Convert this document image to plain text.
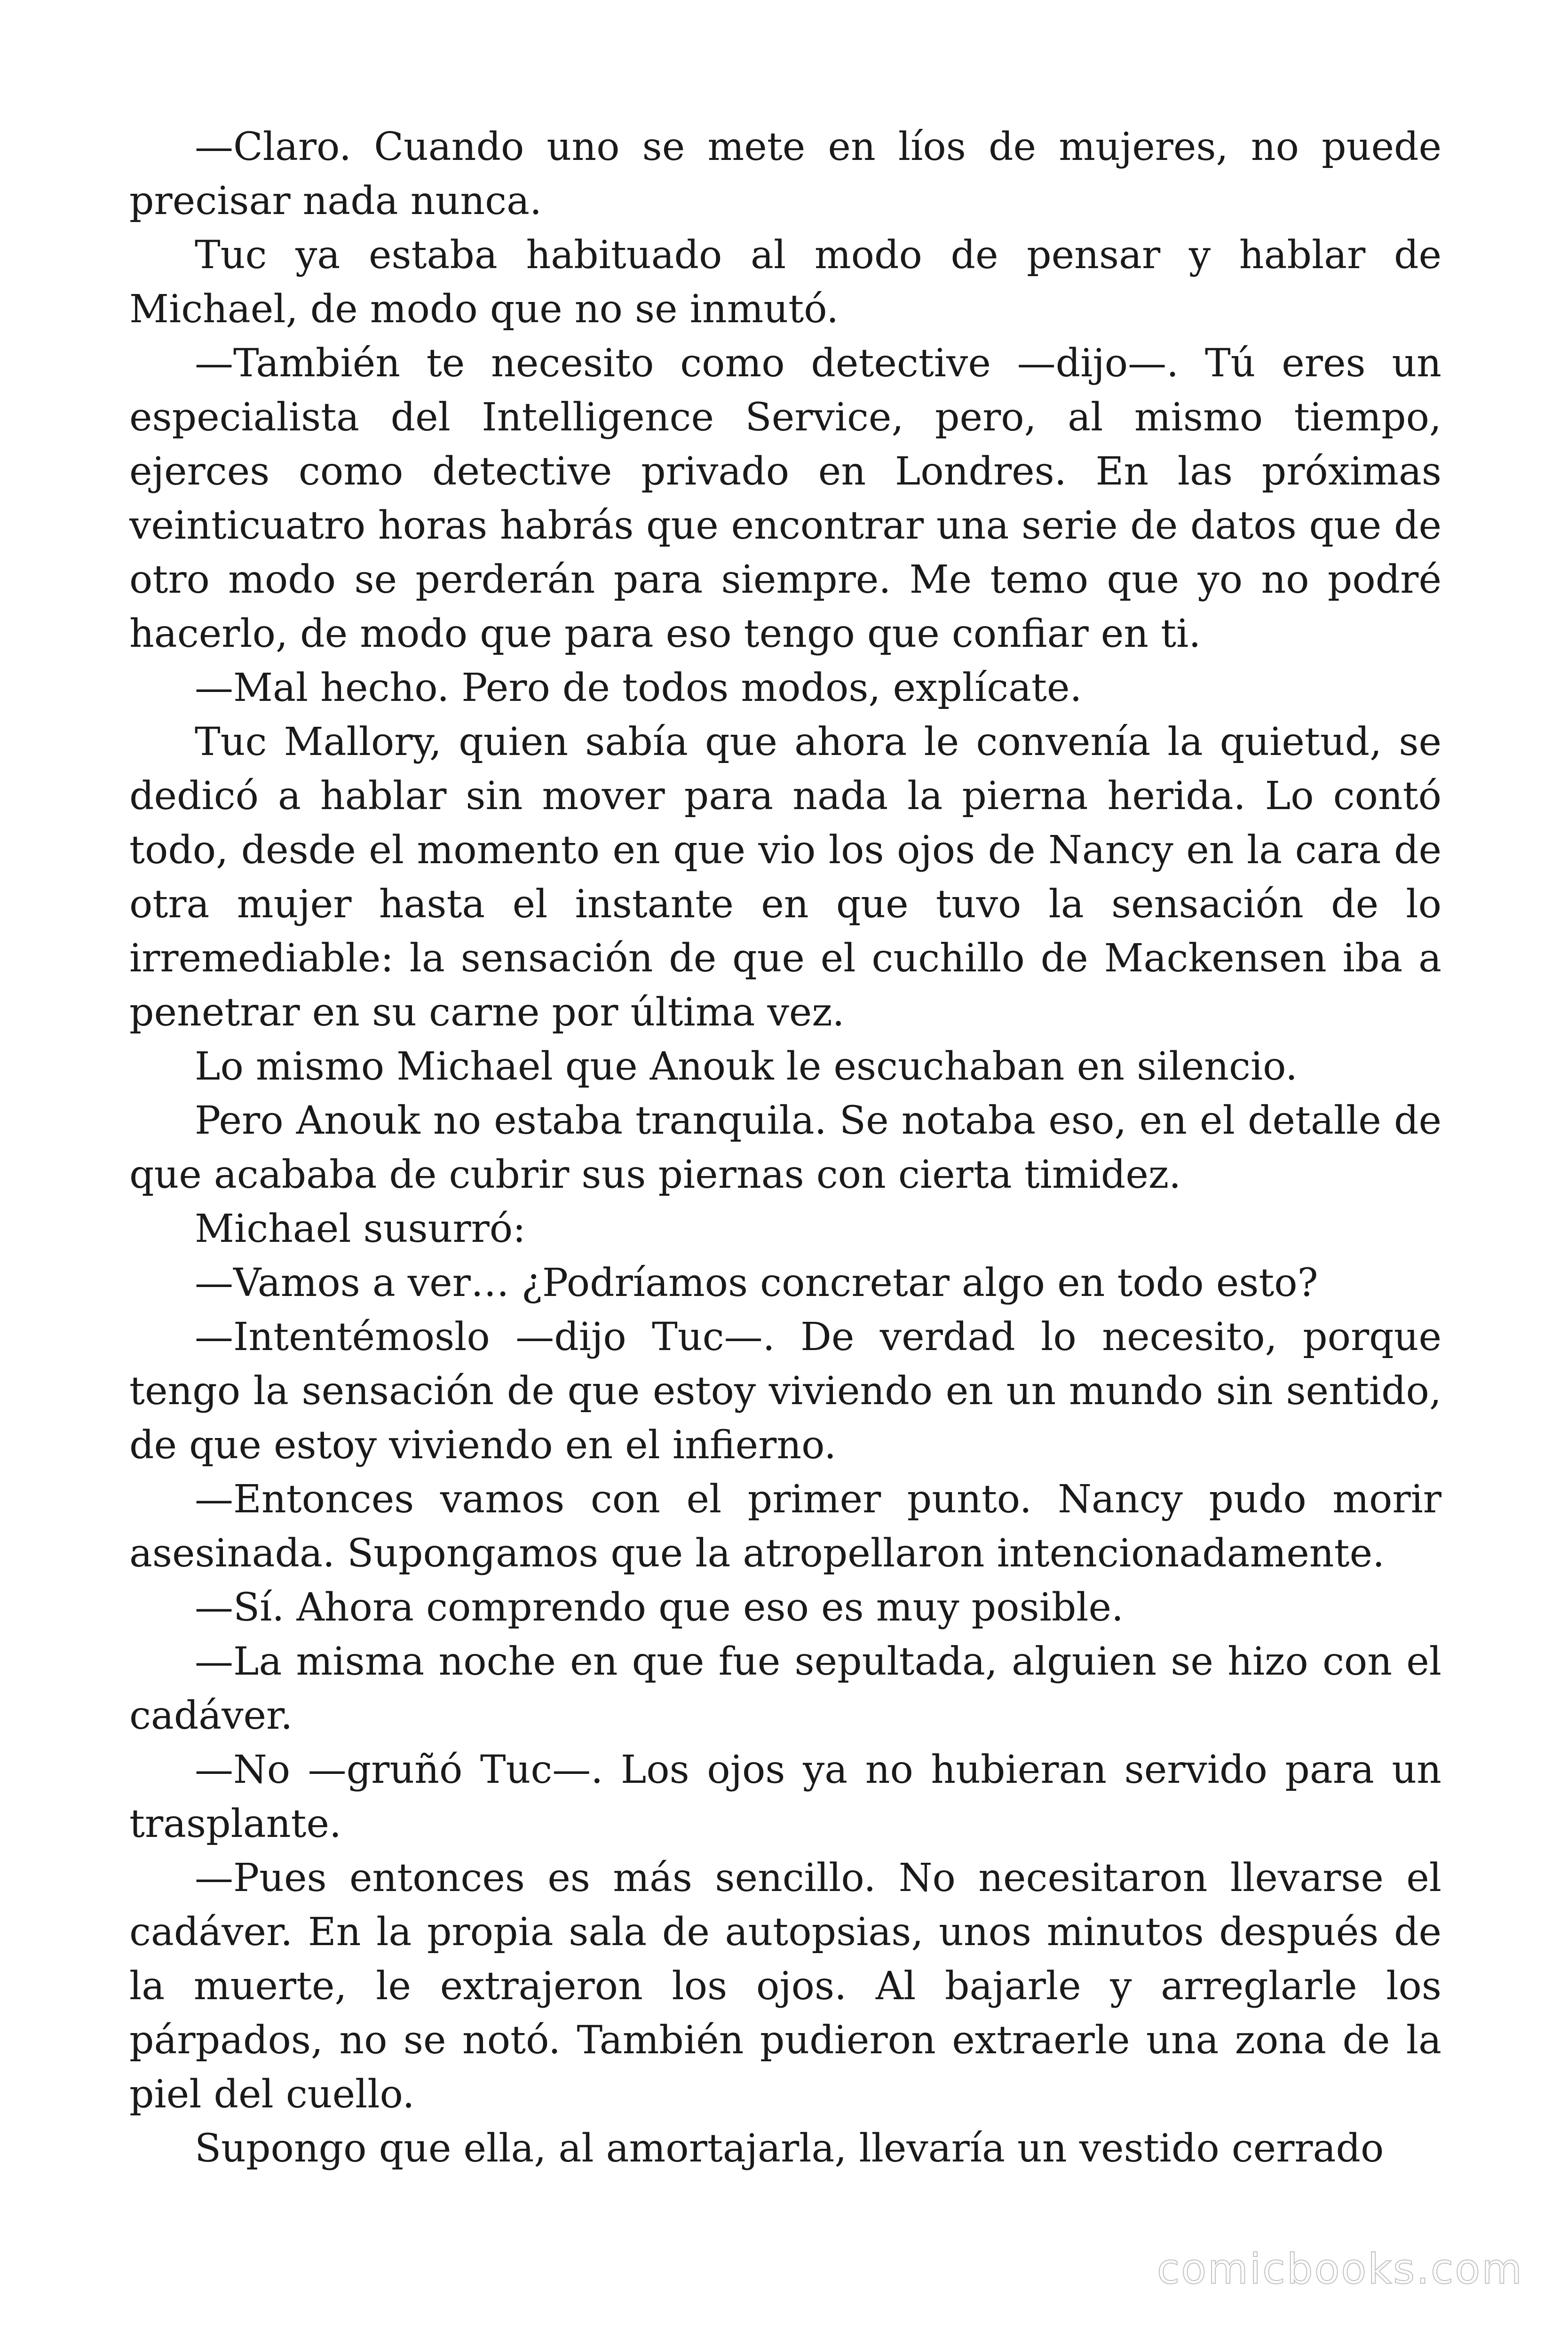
—Claro. Cuando uno se mete en líos de mujeres, no puede precisar nada nunca.

Tuc ya estaba habituado al modo de pensar y hablar de Michael, de modo que no se inmutó.

—También te necesito como detective —dijo—. Tú eres un especialista del Intelligence Service, pero, al mismo tiempo, ejerces como detective privado en Londres. En las próximas veinticuatro horas habrás que encontrar una serie de datos que de otro modo se perderán para siempre. Me temo que yo no podré hacerlo, de modo que para eso tengo que confiar en ti.

—Mal hecho. Pero de todos modos, explícate.

Tuc Mallory, quien sabía que ahora le convenía la quietud, se dedicó a hablar sin mover para nada la pierna herida. Lo contó todo, desde el momento en que vio los ojos de Nancy en la cara de otra mujer hasta el instante en que tuvo la sensación de lo irremediable: la sensación de que el cuchillo de Mackensen iba a penetrar en su carne por última vez.

Lo mismo Michael que Anouk le escuchaban en silencio.

Pero Anouk no estaba tranquila. Se notaba eso, en el detalle de que acababa de cubrir sus piernas con cierta timidez.

Michael susurró:

—Vamos a ver… ¿Podríamos concretar algo en todo esto?

—Intentémoslo —dijo Tuc—. De verdad lo necesito, porque tengo la sensación de que estoy viviendo en un mundo sin sentido, de que estoy viviendo en el infierno.

—Entonces vamos con el primer punto. Nancy pudo morir asesinada. Supongamos que la atropellaron intencionadamente.

—Sí. Ahora comprendo que eso es muy posible.

—La misma noche en que fue sepultada, alguien se hizo con el cadáver.

—No —gruñó Tuc—. Los ojos ya no hubieran servido para un trasplante.

—Pues entonces es más sencillo. No necesitaron llevarse el cadáver. En la propia sala de autopsias, unos minutos después de la muerte, le extrajeron los ojos. Al bajarle y arreglarle los párpados, no se notó. También pudieron extraerle una zona de la piel del cuello.

Supongo que ella, al amortajarla, llevaría un vestido cerrado

comicbooks.com
